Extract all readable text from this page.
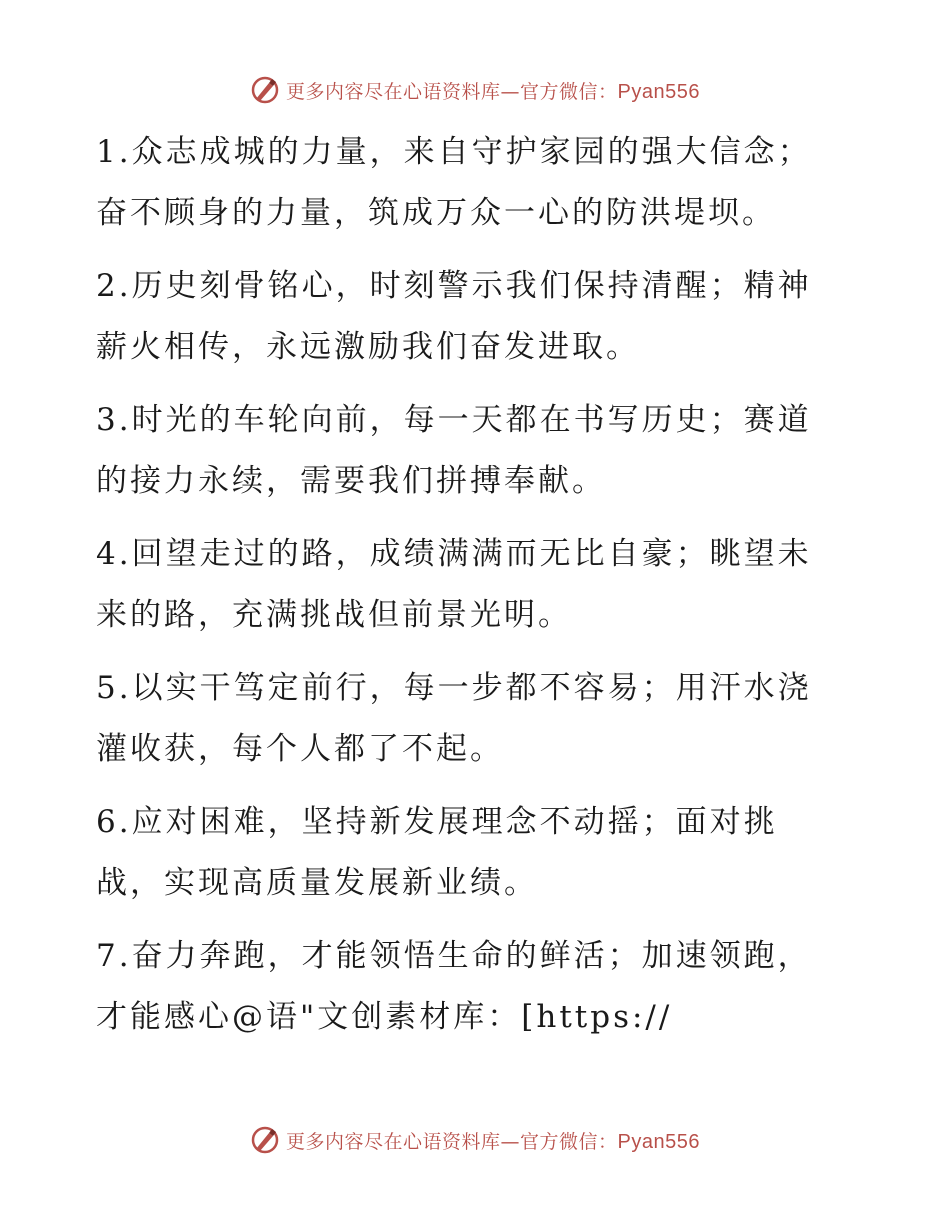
更多内容尽在心语资料库—官方微信：Pyan556

1.众志成城的力量，来自守护家园的强大信念；
奋不顾身的力量，筑成万众一心的防洪堤坝。

2.历史刻骨铭心，时刻警示我们保持清醒；精神
薪火相传，永远激励我们奋发进取。

3.时光的车轮向前，每一天都在书写历史；赛道
的接力永续，需要我们拼搏奉献。

4.回望走过的路，成绩满满而无比自豪；眺望未
来的路，充满挑战但前景光明。

5.以实干笃定前行，每一步都不容易；用汗水浇
灌收获，每个人都了不起。

6.应对困难，坚持新发展理念不动摇；面对挑
战，实现高质量发展新业绩。

7.奋力奔跑，才能领悟生命的鲜活；加速领跑，
才能感心@语"文创素材库：[https://

更多内容尽在心语资料库—官方微信：Pyan556
